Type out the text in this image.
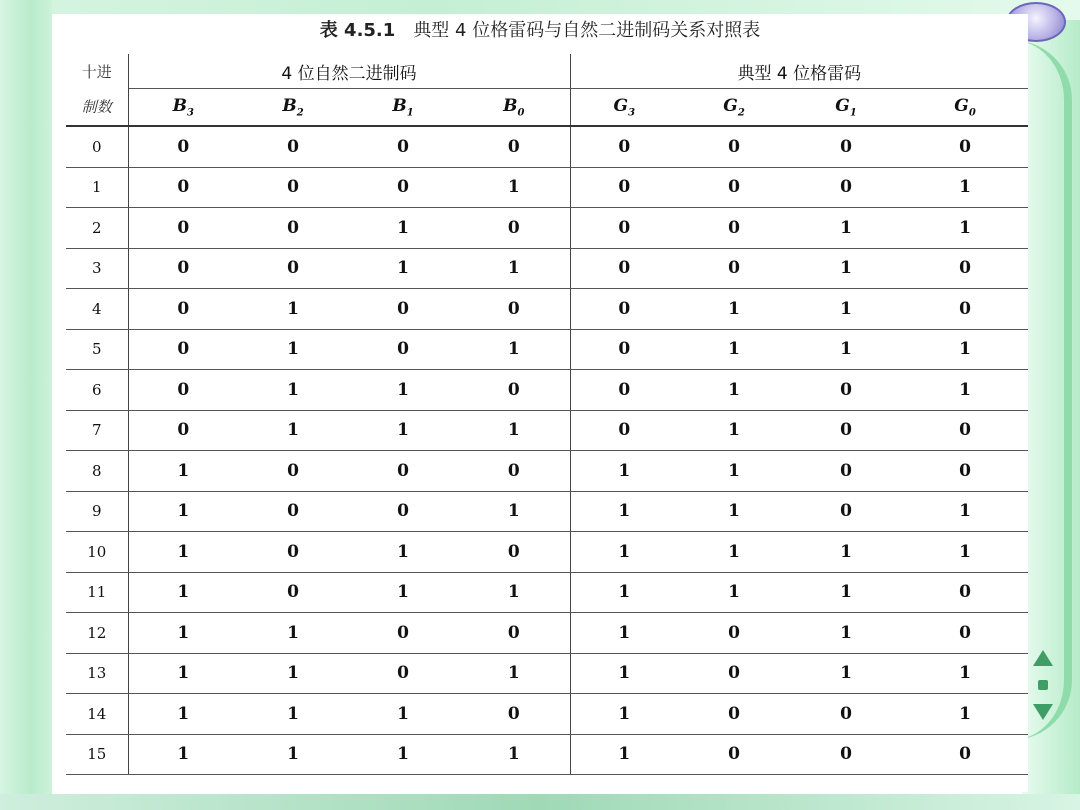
表 4.5.1 典型 4 位格雷码与自然二进制码关系对照表
十进	4 位自然二进制码				典型 4 位格雷码			
制数	$B_3$	$B_2$	$B_1$	$B_0$	$G_3$	$G_2$	$G_1$	$G_0$
0	0	0	0	0	0	0	0	0
1	0	0	0	1	0	0	0	1
2	0	0	1	0	0	0	1	1
3	0	0	1	1	0	0	1	0
4	0	1	0	0	0	1	1	0
5	0	1	0	1	0	1	1	1
6	0	1	1	0	0	1	0	1
7	0	1	1	1	0	1	0	0
8	1	0	0	0	1	1	0	0
9	1	0	0	1	1	1	0	1
10	1	0	1	0	1	1	1	1
11	1	0	1	1	1	1	1	0
12	1	1	0	0	1	0	1	0
13	1	1	0	1	1	0	1	1
14	1	1	1	0	1	0	0	1
15	1	1	1	1	1	0	0	0
